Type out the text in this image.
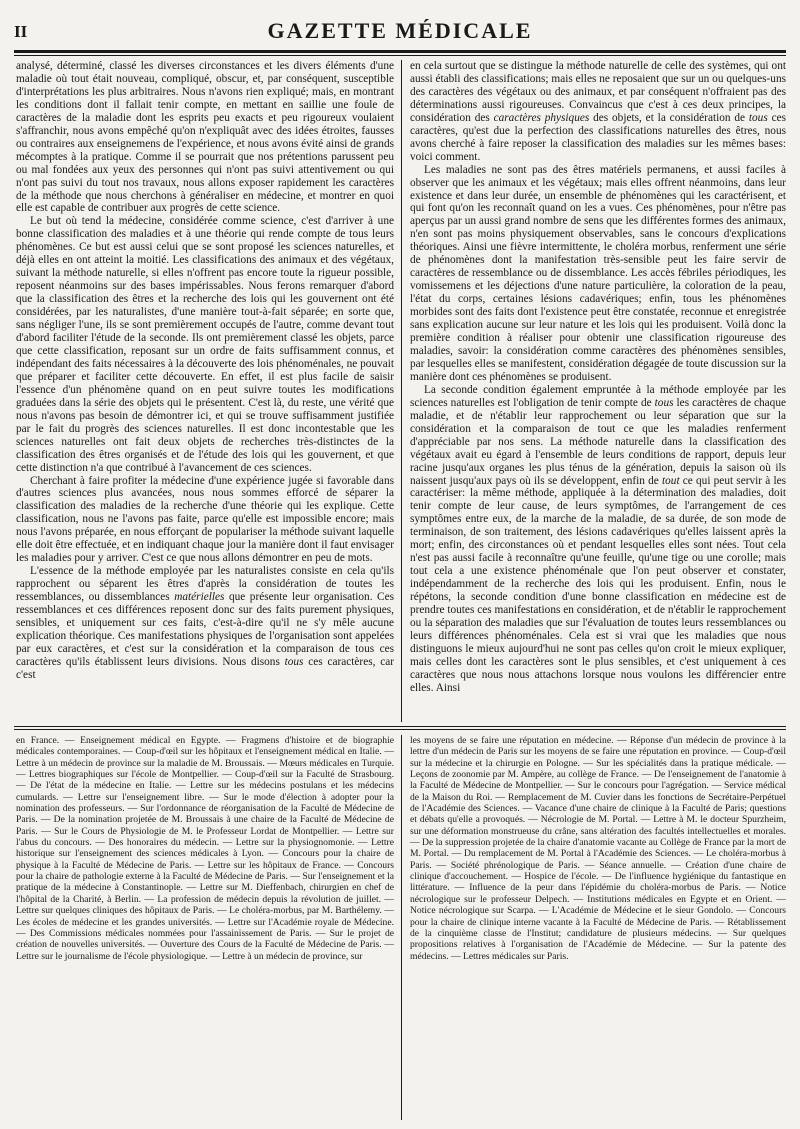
II	GAZETTE MÉDICALE

analysé, déterminé, classé les diverses circonstances et les divers éléments d'une maladie où tout était nouveau, compliqué, obscur, et, par conséquent, susceptible d'interprétations les plus arbitraires. Nous n'avons rien expliqué; mais, en montrant les conditions dont il fallait tenir compte, en mettant en saillie une foule de caractères de la maladie dont les esprits peu exacts et peu rigoureux voulaient s'affranchir, nous avons empêché qu'on n'expliquât avec des idées étroites, fausses ou contraires aux enseignemens de l'expérience, et nous avons évité ainsi de grands mécomptes à la pratique. Comme il se pourrait que nos prétentions parussent peu ou mal fondées aux yeux des personnes qui n'ont pas suivi attentivement ou qui n'ont pas suivi du tout nos travaux, nous allons exposer rapidement les caractères de la méthode que nous cherchons à généraliser en médecine, et montrer en quoi elle est capable de contribuer aux progrès de cette science.

Le but où tend la médecine, considérée comme science, c'est d'arriver à une bonne classification des maladies et à une théorie qui rende compte de tous leurs phénomènes. Ce but est aussi celui que se sont proposé les sciences naturelles, et déjà elles en ont atteint la moitié. Les classifications des animaux et des végétaux, suivant la méthode naturelle, si elles n'offrent pas encore toute la rigueur possible, reposent néanmoins sur des bases impérissables. Nous ferons remarquer d'abord que la classification des êtres et la recherche des lois qui les gouvernent ont été considérées, par les naturalistes, d'une manière tout-à-fait séparée; en sorte que, sans négliger l'une, ils se sont premièrement occupés de l'autre, comme devant tout d'abord faciliter l'étude de la seconde. Ils ont premièrement classé les objets, parce que cette classification, reposant sur un ordre de faits suffisamment connus, et indépendant des faits nécessaires à la découverte des lois phénoménales, ne pouvait que préparer et faciliter cette découverte. En effet, il est plus facile de saisir l'essence d'un phénomène quand on en peut suivre toutes les modifications graduées dans la série des objets qui le présentent. C'est là, du reste, une vérité que nous n'avons pas besoin de démontrer ici, et qui se trouve suffisamment justifiée par le fait du progrès des sciences naturelles. Il est donc incontestable que les sciences naturelles ont fait deux objets de recherches très-distinctes de la classification des êtres organisés et de l'étude des lois qui les gouvernent, et que cette distinction n'a que contribué à l'avancement de ces sciences.

Cherchant à faire profiter la médecine d'une expérience jugée si favorable dans d'autres sciences plus avancées, nous nous sommes efforcé de séparer la classification des maladies de la recherche d'une théorie qui les explique. Cette classification, nous ne l'avons pas faite, parce qu'elle est impossible encore; mais nous l'avons préparée, en nous efforçant de populariser la méthode suivant laquelle elle doit être effectuée, et en indiquant chaque jour la manière dont il faut envisager les maladies pour y arriver. C'est ce que nous allons démontrer en peu de mots.

L'essence de la méthode employée par les naturalistes consiste en cela qu'ils rapprochent ou séparent les êtres d'après la considération de toutes les ressemblances, ou dissemblances matérielles que présente leur organisation. Ces ressemblances et ces différences reposent donc sur des faits purement physiques, sensibles, et uniquement sur ces faits, c'est-à-dire qu'il ne s'y mêle aucune explication théorique. Ces manifestations physiques de l'organisation sont appelées par eux caractères, et c'est sur la considération et la comparaison de tous ces caractères qu'ils établissent leurs divisions. Nous disons tous ces caractères, car c'est

en cela surtout que se distingue la méthode naturelle de celle des systèmes, qui ont aussi établi des classifications; mais elles ne reposaient que sur un ou quelques-uns des caractères des végétaux ou des animaux, et par conséquent n'offraient pas des déterminations aussi rigoureuses. Convaincus que c'est à ces deux principes, la considération des caractères physiques des objets, et la considération de tous ces caractères, qu'est due la perfection des classifications naturelles des êtres, nous avons cherché à faire reposer la classification des maladies sur les mêmes bases: voici comment.

Les maladies ne sont pas des êtres matériels permanens, et aussi faciles à observer que les animaux et les végétaux; mais elles offrent néanmoins, dans leur existence et dans leur durée, un ensemble de phénomènes qui les caractérisent, et qui font qu'on les reconnaît quand on les a vues. Ces phénomènes, pour n'être pas aperçus par un aussi grand nombre de sens que les différentes formes des animaux, n'en sont pas moins physiquement observables, sans le concours d'explications théoriques. Ainsi une fièvre intermittente, le choléra morbus, renferment une série de phénomènes dont la manifestation très-sensible peut les faire servir de caractères de ressemblance ou de dissemblance. Les accès fébriles périodiques, les vomissemens et les déjections d'une nature particulière, la coloration de la peau, l'état du corps, certaines lésions cadavériques; enfin, tous les phénomènes morbides sont des faits dont l'existence peut être constatée, reconnue et enregistrée sans explication aucune sur leur nature et les lois qui les produisent. Voilà donc la première condition à réaliser pour obtenir une classification rigoureuse des maladies, savoir: la considération comme caractères des phénomènes sensibles, par lesquelles elles se manifestent, considération dégagée de toute discussion sur la manière dont ces phénomènes se produisent.

La seconde condition également empruntée à la méthode employée par les sciences naturelles est l'obligation de tenir compte de tous les caractères de chaque maladie, et de n'établir leur rapprochement ou leur séparation que sur la considération et la comparaison de tout ce que les maladies renferment d'appréciable par nos sens. La méthode naturelle dans la classification des végétaux avait eu égard à l'ensemble de leurs conditions de rapport, depuis leur racine jusqu'aux organes les plus ténus de la génération, depuis la saison où ils naissent jusqu'aux pays où ils se développent, enfin de tout ce qui peut servir à les caractériser: la même méthode, appliquée à la détermination des maladies, doit tenir compte de leur cause, de leurs symptômes, de l'arrangement de ces symptômes entre eux, de la marche de la maladie, de sa durée, de son mode de terminaison, de son traitement, des lésions cadavériques qu'elles laissent après la mort; enfin, des circonstances où et pendant lesquelles elles sont nées. Tout cela n'est pas aussi facile à reconnaître qu'une feuille, qu'une tige ou une corolle; mais tout cela a une existence phénoménale que l'on peut observer et constater, indépendamment de la recherche des lois qui les produisent. Enfin, nous le répétons, la seconde condition d'une bonne classification en médecine est de prendre toutes ces manifestations en considération, et de n'établir le rapprochement ou la séparation des maladies que sur l'évaluation de toutes leurs ressemblances ou leurs différences phénoménales. Cela est si vrai que les maladies que nous distinguons le mieux aujourd'hui ne sont pas celles qu'on croit le mieux expliquer, mais celles dont les caractères sont le plus sensibles, et c'est uniquement à ces caractères que nous nous attachons lorsque nous voulons les différencier entre elles. Ainsi

en France. — Enseignement médical en Egypte. — Fragmens d'histoire et de biographie médicales contemporaines. — Coup-d'œil sur les hôpitaux et l'enseignement médical en Italie. — Lettre à un médecin de province sur la maladie de M. Broussais. — Mœurs médicales en Turquie. — Lettres biographiques sur l'école de Montpellier. — Coup-d'œil sur la Faculté de Strasbourg. — De l'état de la médecine en Italie. — Lettre sur les médecins postulans et les médecins cumulards. — Lettre sur l'enseignement libre. — Sur le mode d'élection à adopter pour la nomination des professeurs. — Sur l'ordonnance de réorganisation de la Faculté de Médecine de Paris. — De la nomination projetée de M. Broussais à une chaire de la Faculté de Médecine de Paris. — Sur le Cours de Physiologie de M. le Professeur Lordat de Montpellier. — Lettre sur l'abus du concours. — Des honoraires du médecin. — Lettre sur la physiognomonie. — Lettre historique sur l'enseignement des sciences médicales à Lyon. — Concours pour la chaire de physique à la Faculté de Médecine de Paris. — Lettre sur les hôpitaux de France. — Concours pour la chaire de pathologie externe à la Faculté de Médecine de Paris. — Sur l'enseignement et la pratique de la médecine à Constantinople. — Lettre sur M. Dieffenbach, chirurgien en chef de l'hôpital de la Charité, à Berlin. — La profession de médecin depuis la révolution de juillet. — Lettre sur quelques cliniques des hôpitaux de Paris. — Le choléra-morbus, par M. Barthélemy. — Les écoles de médecine et les grandes universités. — Lettre sur l'Académie royale de Médecine. — Des Commissions médicales nommées pour l'assainissement de Paris. — Sur le projet de création de nouvelles universités. — Ouverture des Cours de la Faculté de Médecine de Paris. — Lettre sur le journalisme de l'école physiologique. — Lettre à un médecin de province, sur
les moyens de se faire une réputation en médecine. — Réponse d'un médecin de province à la lettre d'un médecin de Paris sur les moyens de se faire une réputation en province. — Coup-d'œil sur la médecine et la chirurgie en Pologne. — Sur les spécialités dans la pratique médicale. — Leçons de zoonomie par M. Ampère, au collège de France. — De l'enseignement de l'anatomie à la Faculté de Médecine de Montpellier. — Sur le concours pour l'agrégation. — Service médical de la Maison du Roi. — Remplacement de M. Cuvier dans les fonctions de Secrétaire-Perpétuel de l'Académie des Sciences. — Vacance d'une chaire de clinique à la Faculté de Paris; questions et débats qu'elle a provoqués. — Nécrologie de M. Portal. — Lettre à M. le docteur Spurzheim, sur une déformation monstrueuse du crâne, sans altération des facultés intellectuelles et morales. — De la suppression projetée de la chaire d'anatomie vacante au Collège de France par la mort de M. Portal. — Du remplacement de M. Portal à l'Académie des Sciences. — Le choléra-morbus à Paris. — Société phrénologique de Paris. — Séance annuelle. — Création d'une chaire de clinique d'accouchement. — Hospice de l'école. — De l'influence hygiénique du fantastique en littérature. — Influence de la peur dans l'épidémie du choléra-morbus de Paris. — Notice nécrologique sur le professeur Delpech. — Institutions médicales en Egypte et en Orient. — Notice nécrologique sur Scarpa. — L'Académie de Médecine et le sieur Gondolo. — Concours pour la chaire de clinique interne vacante à la Faculté de Médecine de Paris. — Rétablissement de la cinquième classe de l'Institut; candidature de plusieurs médecins. — Sur quelques propositions relatives à l'organisation de l'Académie de Médecine. — Sur la patente des médecins. — Lettres médicales sur Paris.
